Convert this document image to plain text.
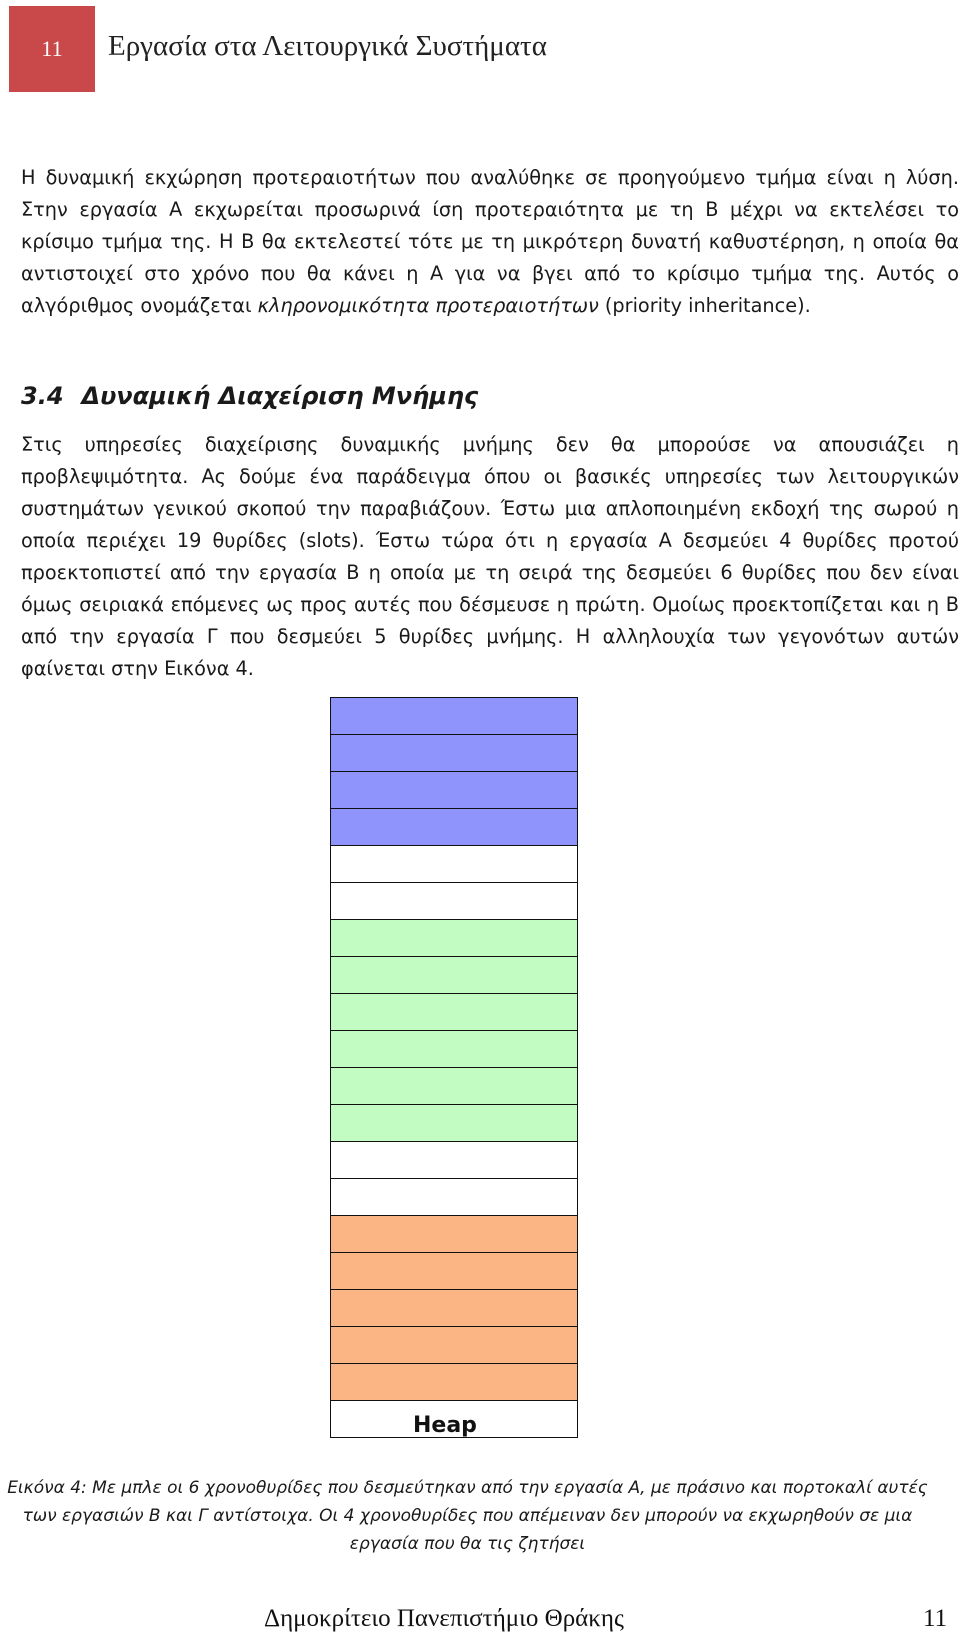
11 Εργασία στα Λειτουργικά Συστήματα

Η δυναμική εκχώρηση προτεραιοτήτων που αναλύθηκε σε προηγούμενο τμήμα είναι η λύση. Στην εργασία Α εκχωρείται προσωρινά ίση προτεραιότητα με τη Β μέχρι να εκτελέσει το κρίσιμο τμήμα της. Η Β θα εκτελεστεί τότε με τη μικρότερη δυνατή καθυστέρηση, η οποία θα αντιστοιχεί στο χρόνο που θα κάνει η Α για να βγει από το κρίσιμο τμήμα της. Αυτός ο αλγόριθμος ονομάζεται κληρονομικότητα προτεραιοτήτων (priority inheritance).

3.4 Δυναμική Διαχείριση Μνήμης

Στις υπηρεσίες διαχείρισης δυναμικής μνήμης δεν θα μπορούσε να απουσιάζει η προβλεψιμότητα. Ας δούμε ένα παράδειγμα όπου οι βασικές υπηρεσίες των λειτουργικών συστημάτων γενικού σκοπού την παραβιάζουν. Έστω μια απλοποιημένη εκδοχή της σωρού η οποία περιέχει 19 θυρίδες (slots). Έστω τώρα ότι η εργασία Α δεσμεύει 4 θυρίδες προτού προεκτοπιστεί από την εργασία Β η οποία με τη σειρά της δεσμεύει 6 θυρίδες που δεν είναι όμως σειριακά επόμενες ως προς αυτές που δέσμευσε η πρώτη. Ομοίως προεκτοπίζεται και η Β από την εργασία Γ που δεσμεύει 5 θυρίδες μνήμης. Η αλληλουχία των γεγονότων αυτών φαίνεται στην Εικόνα 4.

Heap

Εικόνα 4: Με μπλε οι 6 χρονοθυρίδες που δεσμεύτηκαν από την εργασία Α, με πράσινο και πορτοκαλί αυτές των εργασιών Β και Γ αντίστοιχα. Οι 4 χρονοθυρίδες που απέμειναν δεν μπορούν να εκχωρηθούν σε μια εργασία που θα τις ζητήσει

Δημοκρίτειο Πανεπιστήμιο Θράκης	11
